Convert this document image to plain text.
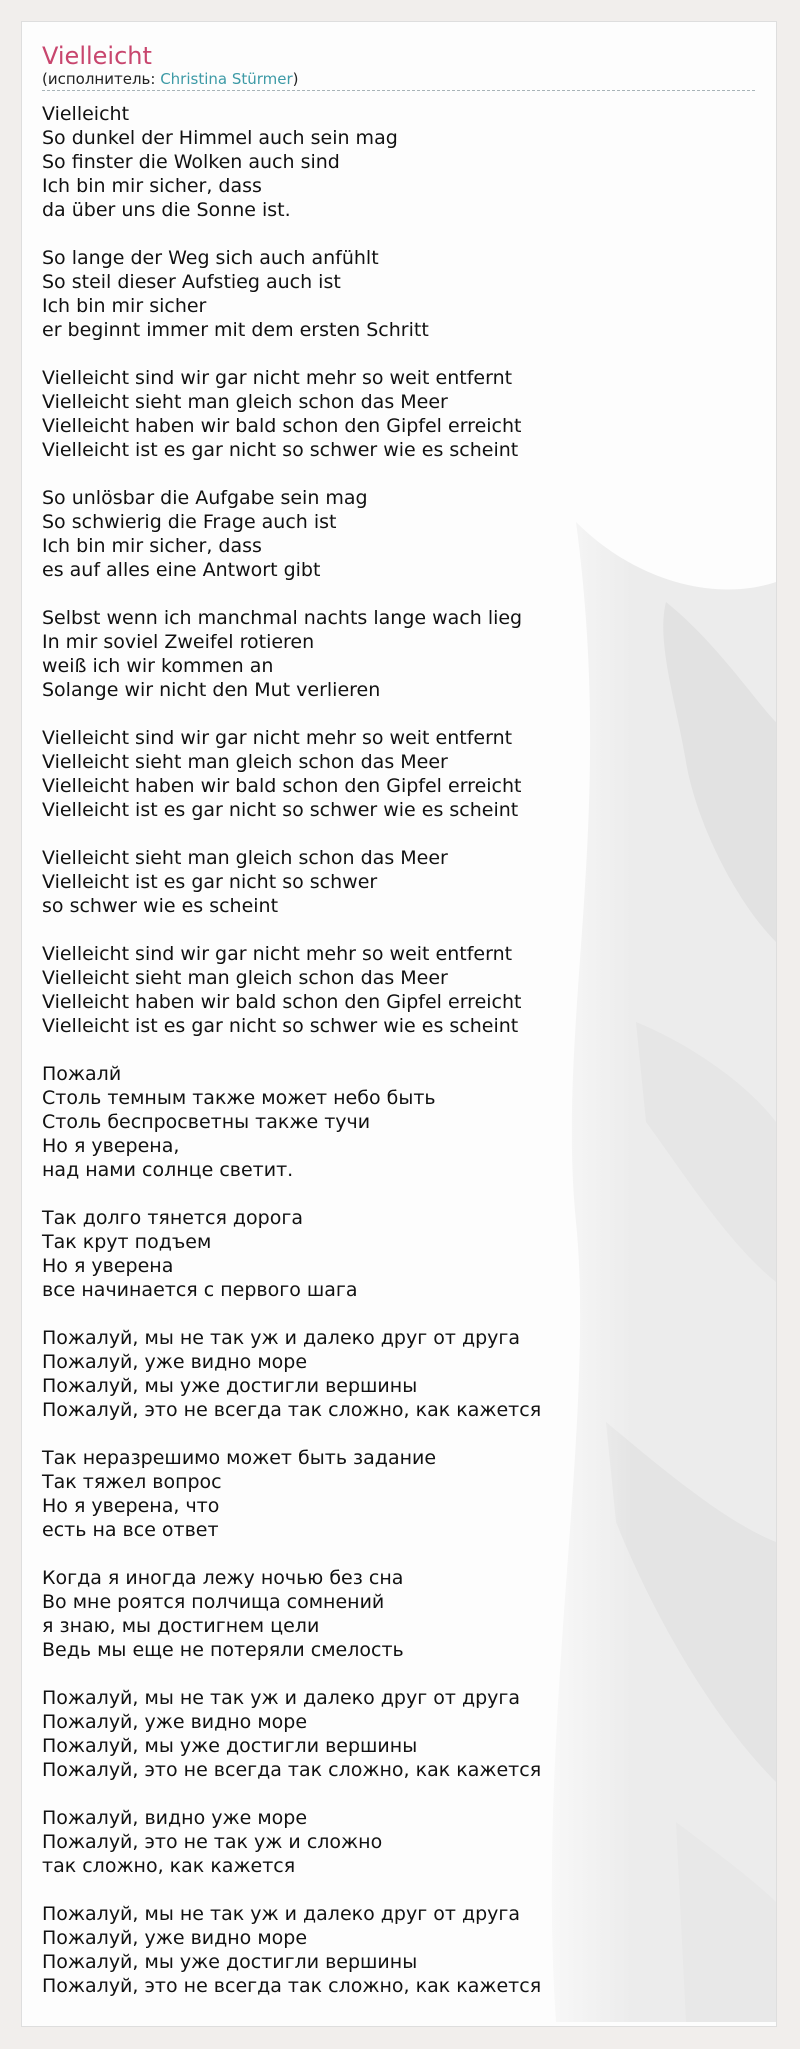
Vielleicht
(исполнитель: Christina Stürmer)
Vielleicht
So dunkel der Himmel auch sein mag
So finster die Wolken auch sind
Ich bin mir sicher, dass
da über uns die Sonne ist.
So lange der Weg sich auch anfühlt
So steil dieser Aufstieg auch ist
Ich bin mir sicher
er beginnt immer mit dem ersten Schritt
Vielleicht sind wir gar nicht mehr so weit entfernt
Vielleicht sieht man gleich schon das Meer
Vielleicht haben wir bald schon den Gipfel erreicht
Vielleicht ist es gar nicht so schwer wie es scheint
So unlösbar die Aufgabe sein mag
So schwierig die Frage auch ist
Ich bin mir sicher, dass
es auf alles eine Antwort gibt
Selbst wenn ich manchmal nachts lange wach lieg
In mir soviel Zweifel rotieren
weiß ich wir kommen an
Solange wir nicht den Mut verlieren
Vielleicht sind wir gar nicht mehr so weit entfernt
Vielleicht sieht man gleich schon das Meer
Vielleicht haben wir bald schon den Gipfel erreicht
Vielleicht ist es gar nicht so schwer wie es scheint
Vielleicht sieht man gleich schon das Meer
Vielleicht ist es gar nicht so schwer
so schwer wie es scheint
Vielleicht sind wir gar nicht mehr so weit entfernt
Vielleicht sieht man gleich schon das Meer
Vielleicht haben wir bald schon den Gipfel erreicht
Vielleicht ist es gar nicht so schwer wie es scheint
Пожалй
Столь темным также может небо быть
Столь беспросветны также тучи
Но я уверена,
над нами солнце светит.
Так долго тянется дорога
Так крут подъем
Но я уверена
все начинается с первого шага
Пожалуй, мы не так уж и далеко друг от друга
Пожалуй, уже видно море
Пожалуй, мы уже достигли вершины
Пожалуй, это не всегда так сложно, как кажется
Так неразрешимо может быть задание
Так тяжел вопрос
Но я уверена, что
есть на все ответ
Когда я иногда лежу ночью без сна
Во мне роятся полчища сомнений
я знаю, мы достигнем цели
Ведь мы еще не потеряли смелость
Пожалуй, мы не так уж и далеко друг от друга
Пожалуй, уже видно море
Пожалуй, мы уже достигли вершины
Пожалуй, это не всегда так сложно, как кажется
Пожалуй, видно уже море
Пожалуй, это не так уж и сложно
так сложно, как кажется
Пожалуй, мы не так уж и далеко друг от друга
Пожалуй, уже видно море
Пожалуй, мы уже достигли вершины
Пожалуй, это не всегда так сложно, как кажется
